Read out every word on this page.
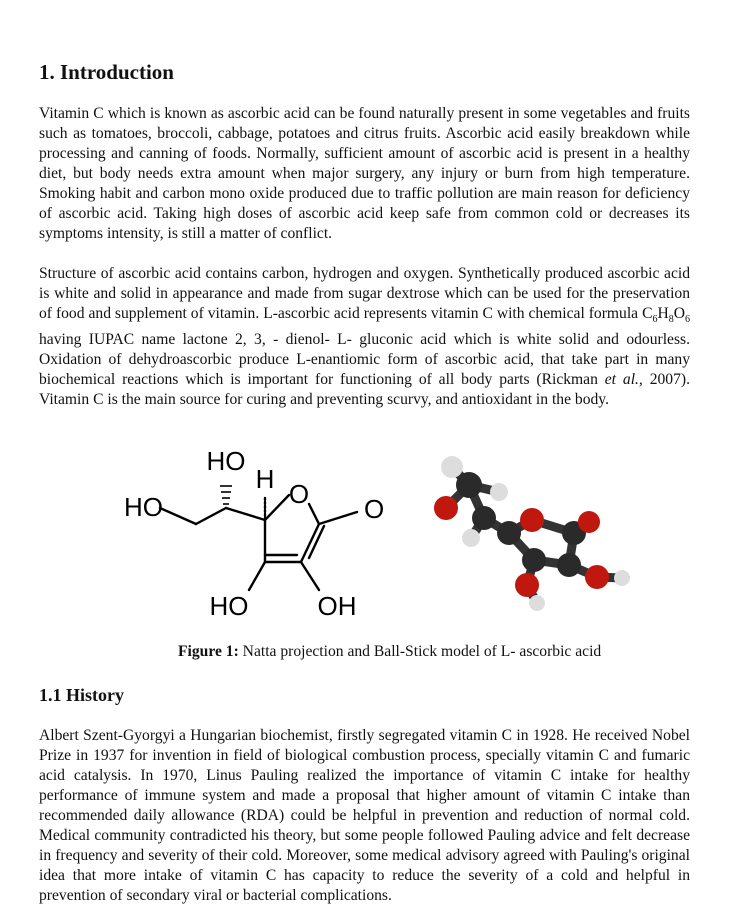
1. Introduction

Vitamin C which is known as ascorbic acid can be found naturally present in some vegetables and fruits such as tomatoes, broccoli, cabbage, potatoes and citrus fruits. Ascorbic acid easily breakdown while processing and canning of foods. Normally, sufficient amount of ascorbic acid is present in a healthy diet, but body needs extra amount when major surgery, any injury or burn from high temperature. Smoking habit and carbon mono oxide produced due to traffic pollution are main reason for deficiency of ascorbic acid. Taking high doses of ascorbic acid keep safe from common cold or decreases its symptoms intensity, is still a matter of conflict.

Structure of ascorbic acid contains carbon, hydrogen and oxygen. Synthetically produced ascorbic acid is white and solid in appearance and made from sugar dextrose which can be used for the preservation of food and supplement of vitamin. L-ascorbic acid represents vitamin C with chemical formula $C_6H_8O_6$ having IUPAC name lactone 2, 3, - dienol- L- gluconic acid which is white solid and odourless. Oxidation of dehydroascorbic produce L-enantiomic form of ascorbic acid, that take part in many biochemical reactions which is important for functioning of all body parts (Rickman et al., 2007). Vitamin C is the main source for curing and preventing scurvy, and antioxidant in the body.

HO
HO
H O O
HO	OH
Figure 1: Natta projection and Ball-Stick model of L- ascorbic acid
1.1 History

Albert Szent-Gyorgyi a Hungarian biochemist, firstly segregated vitamin C in 1928. He received Nobel Prize in 1937 for invention in field of biological combustion process, specially vitamin C and fumaric acid catalysis. In 1970, Linus Pauling realized the importance of vitamin C intake for healthy performance of immune system and made a proposal that higher amount of vitamin C intake than recommended daily allowance (RDA) could be helpful in prevention and reduction of normal cold. Medical community contradicted his theory, but some people followed Pauling advice and felt decrease in frequency and severity of their cold. Moreover, some medical advisory agreed with Pauling's original idea that more intake of vitamin C has capacity to reduce the severity of a cold and helpful in prevention of secondary viral or bacterial complications.
